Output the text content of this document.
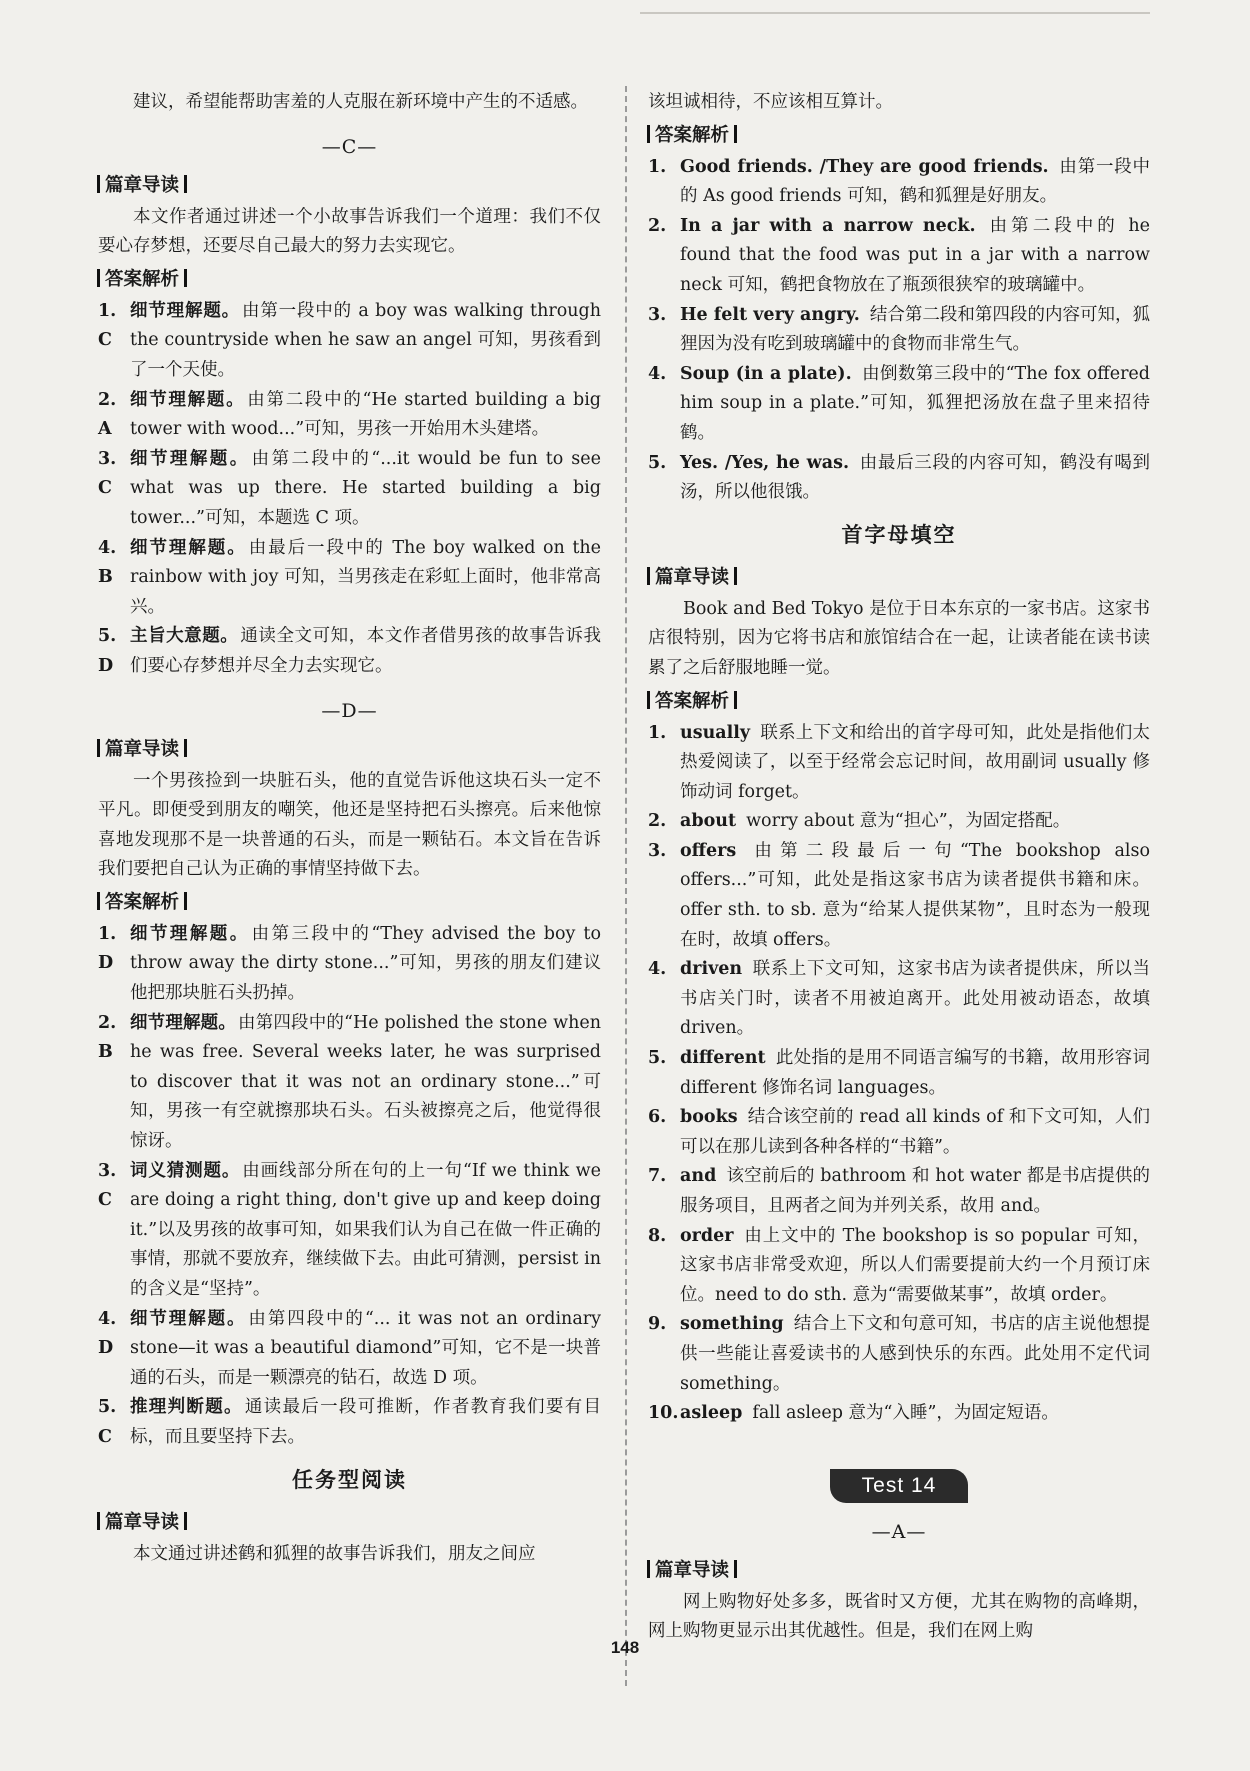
建议，希望能帮助害羞的人克服在新环境中产生的不适感。

—C—
篇章导读

本文作者通过讲述一个小故事告诉我们一个道理：我们不仅要心存梦想，还要尽自己最大的努力去实现它。

答案解析
1. C
细节理解题。 由第一段中的 a boy was walking through the countryside when he saw an angel 可知，男孩看到了一个天使。
2. A
细节理解题。 由第二段中的“He started building a big tower with wood...”可知，男孩一开始用木头建塔。
3. C
细节理解题。 由第二段中的“...it would be fun to see what was up there. He started building a big tower...”可知，本题选 C 项。
4. B
细节理解题。 由最后一段中的 The boy walked on the rainbow with joy 可知，当男孩走在彩虹上面时，他非常高兴。
5. D
主旨大意题。 通读全文可知，本文作者借男孩的故事告诉我们要心存梦想并尽全力去实现它。
—D—
篇章导读

一个男孩捡到一块脏石头，他的直觉告诉他这块石头一定不平凡。即便受到朋友的嘲笑，他还是坚持把石头擦亮。后来他惊喜地发现那不是一块普通的石头，而是一颗钻石。本文旨在告诉我们要把自己认为正确的事情坚持做下去。

答案解析
1. D
细节理解题。 由第三段中的“They advised the boy to throw away the dirty stone...”可知，男孩的朋友们建议他把那块脏石头扔掉。
2. B
细节理解题。 由第四段中的“He polished the stone when he was free. Several weeks later, he was surprised to discover that it was not an ordinary stone...”可知，男孩一有空就擦那块石头。石头被擦亮之后，他觉得很惊讶。
3. C
词义猜测题。 由画线部分所在句的上一句“If we think we are doing a right thing, don't give up and keep doing it.”以及男孩的故事可知，如果我们认为自己在做一件正确的事情，那就不要放弃，继续做下去。由此可猜测，persist in 的含义是“坚持”。
4. D
细节理解题。 由第四段中的“... it was not an ordinary stone—it was a beautiful diamond”可知，它不是一块普通的石头，而是一颗漂亮的钻石，故选 D 项。
5. C
推理判断题。 通读最后一段可推断，作者教育我们要有目标，而且要坚持下去。
任务型阅读
篇章导读

本文通过讲述鹤和狐狸的故事告诉我们，朋友之间应

该坦诚相待，不应该相互算计。

答案解析
1. Good friends. /They are good friends. 由第一段中的 As good friends 可知，鹤和狐狸是好朋友。
2. In a jar with a narrow neck. 由第二段中的 he found that the food was put in a jar with a narrow neck 可知，鹤把食物放在了瓶颈很狭窄的玻璃罐中。
3. He felt very angry. 结合第二段和第四段的内容可知，狐狸因为没有吃到玻璃罐中的食物而非常生气。
4. Soup (in a plate). 由倒数第三段中的“The fox offered him soup in a plate.”可知，狐狸把汤放在盘子里来招待鹤。
5. Yes. /Yes, he was. 由最后三段的内容可知，鹤没有喝到汤，所以他很饿。
首字母填空
篇章导读

Book and Bed Tokyo 是位于日本东京的一家书店。这家书店很特别，因为它将书店和旅馆结合在一起，让读者能在读书读累了之后舒服地睡一觉。

答案解析
1. usually 联系上下文和给出的首字母可知，此处是指他们太热爱阅读了，以至于经常会忘记时间，故用副词 usually 修饰动词 forget。
2. about worry about 意为“担心”，为固定搭配。
3. offers 由第二段最后一句“The bookshop also offers...”可知，此处是指这家书店为读者提供书籍和床。offer sth. to sb. 意为“给某人提供某物”，且时态为一般现在时，故填 offers。
4. driven 联系上下文可知，这家书店为读者提供床，所以当书店关门时，读者不用被迫离开。此处用被动语态，故填 driven。
5. different 此处指的是用不同语言编写的书籍，故用形容词 different 修饰名词 languages。
6. books 结合该空前的 read all kinds of 和下文可知，人们可以在那儿读到各种各样的“书籍”。
7. and 该空前后的 bathroom 和 hot water 都是书店提供的服务项目，且两者之间为并列关系，故用 and。
8. order 由上文中的 The bookshop is so popular 可知，这家书店非常受欢迎，所以人们需要提前大约一个月预订床位。need to do sth. 意为“需要做某事”，故填 order。
9. something 结合上下文和句意可知，书店的店主说他想提供一些能让喜爱读书的人感到快乐的东西。此处用不定代词 something。
10. asleep fall asleep 意为“入睡”，为固定短语。
Test 14
—A—
篇章导读

网上购物好处多多，既省时又方便，尤其在购物的高峰期，网上购物更显示出其优越性。但是，我们在网上购

148
